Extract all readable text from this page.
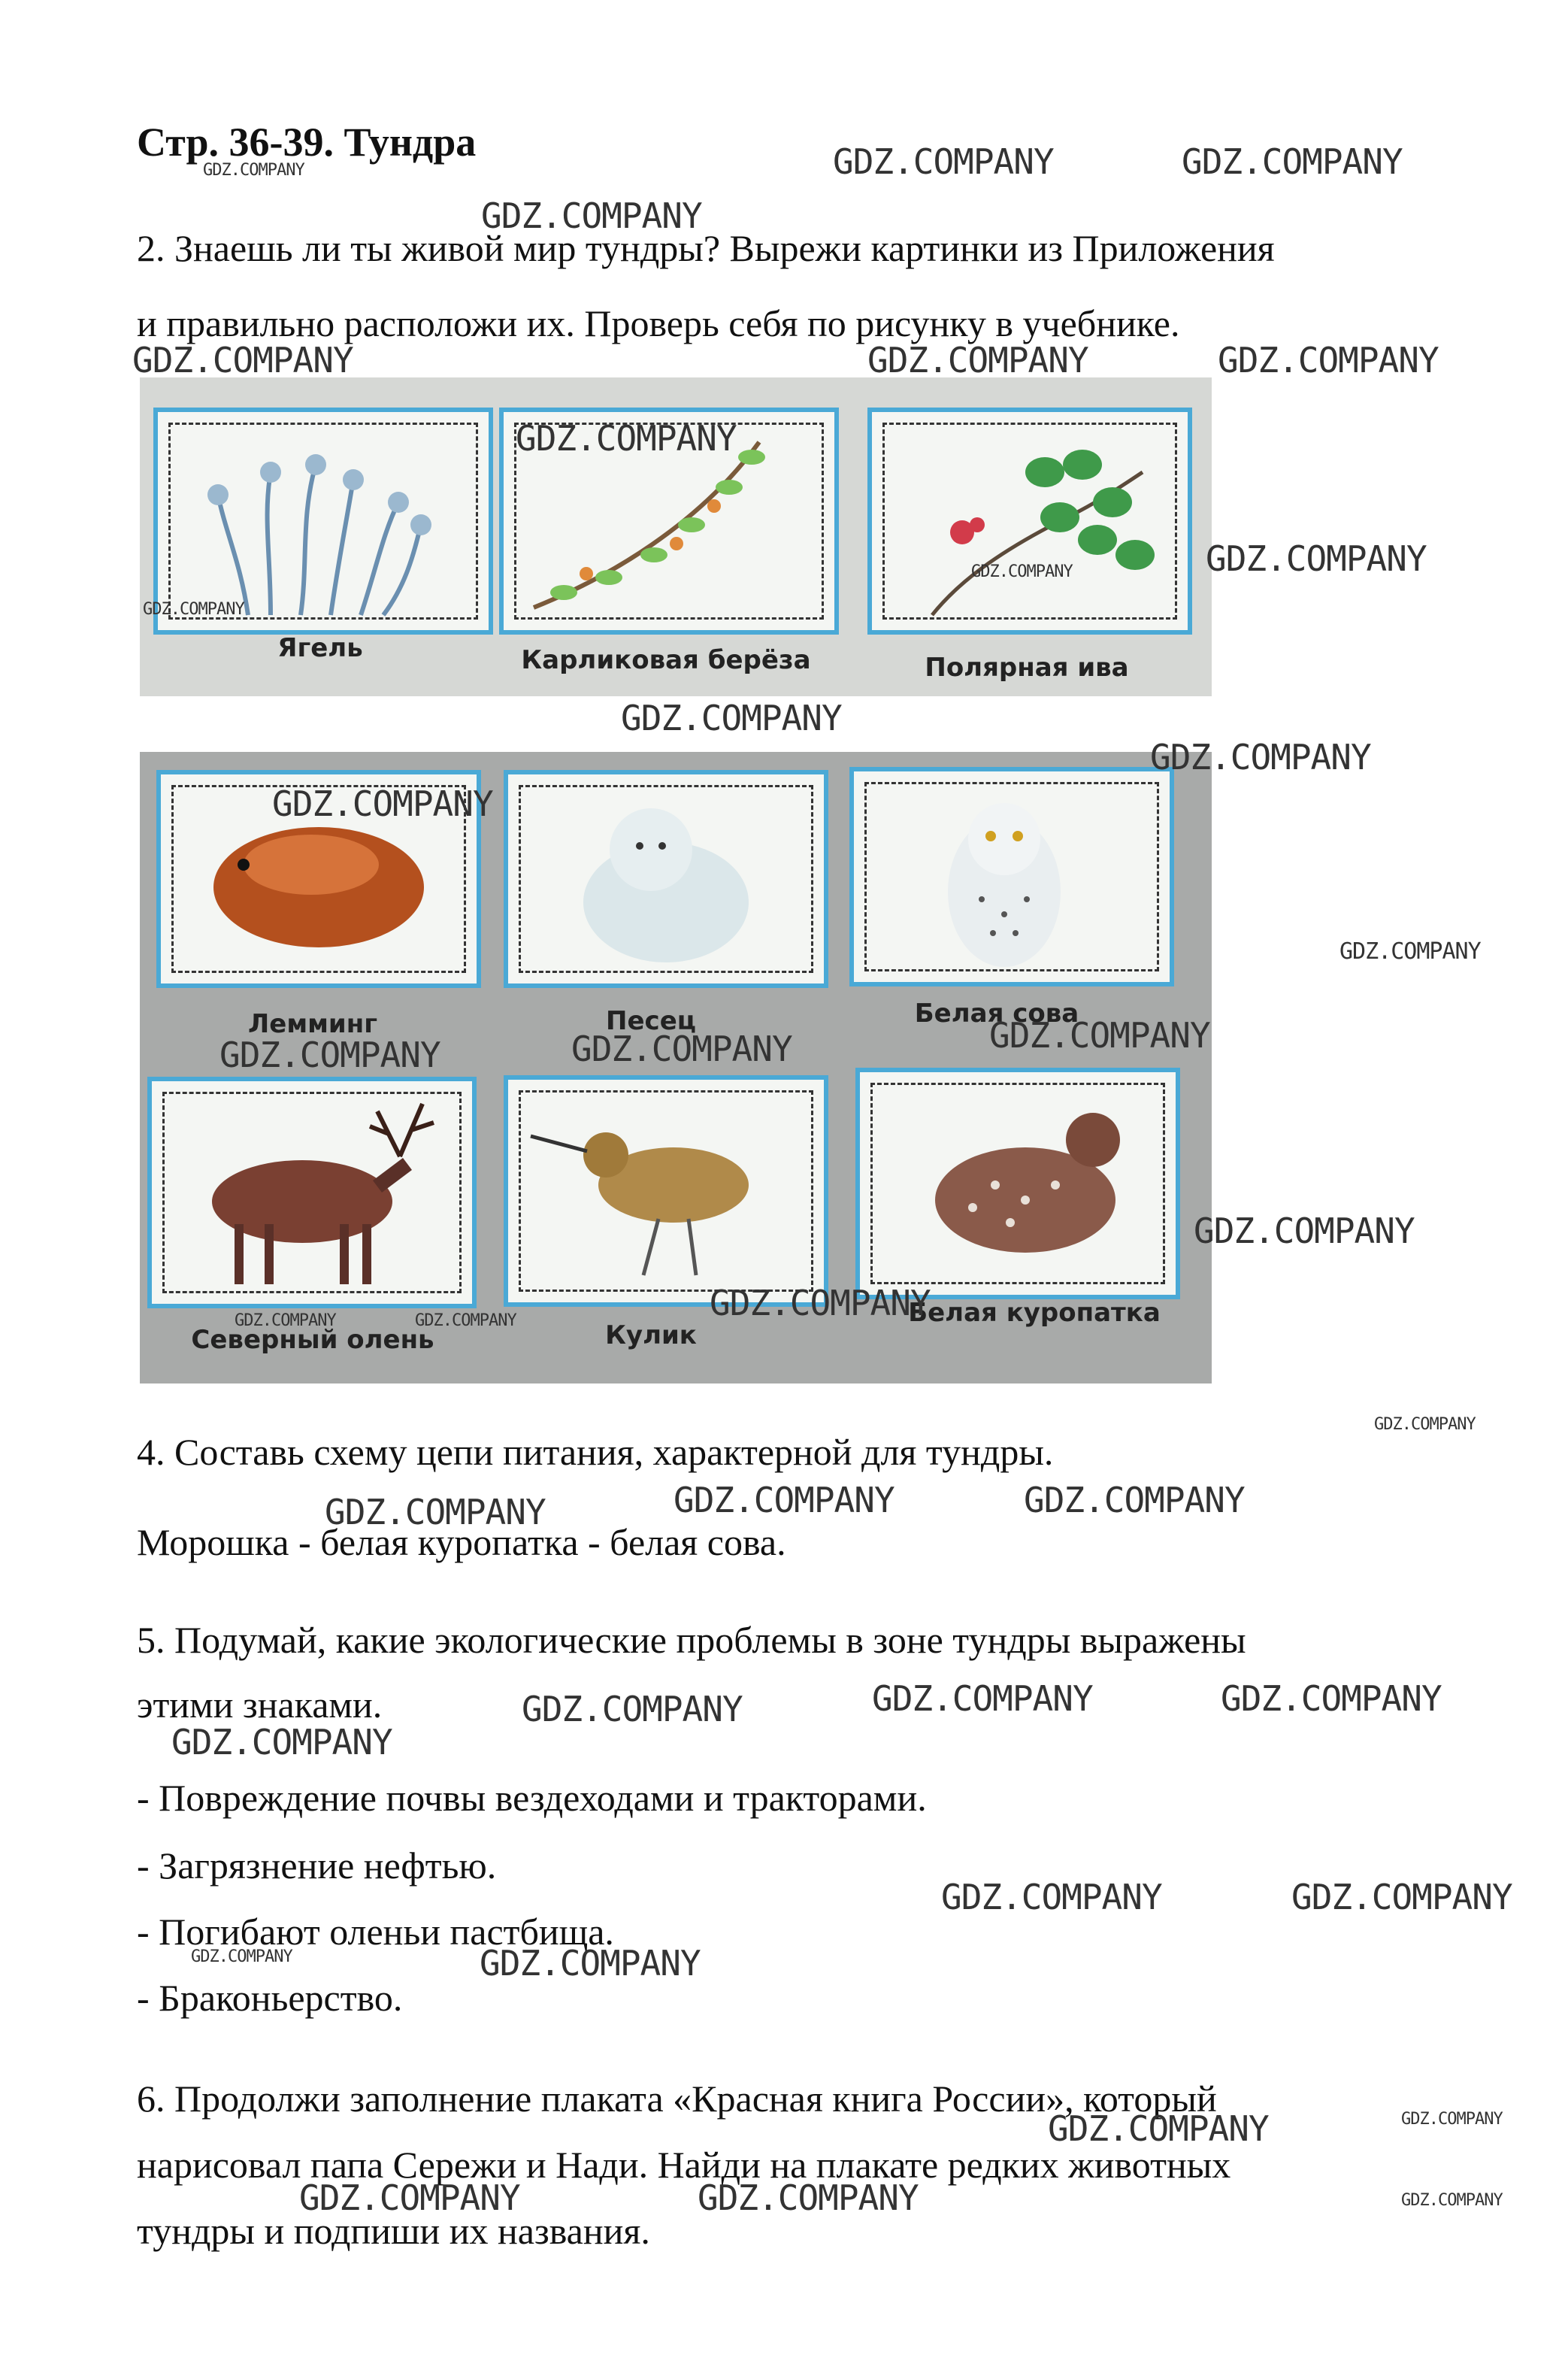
Стр. 36-39. Тундра
2. Знаешь ли ты живой мир тундры? Вырежи картинки из Приложения
и правильно расположи их. Проверь себя по рисунку в учебнике.
Ягель	Карликовая берёза	Полярная ива
Лемминг	Песец	Белая сова
Северный олень	Кулик
Белая куропатка
4. Составь схему цепи питания, характерной для тундры.
Морошка - белая куропатка - белая сова.
5. Подумай, какие экологические проблемы в зоне тундры выражены
этими знаками.
- Повреждение почвы вездеходами и тракторами.
- Загрязнение нефтью.
- Погибают оленьи пастбища.
- Браконьерство.
6. Продолжи заполнение плаката «Красная книга России», который
нарисовал папа Сережи и Нади. Найди на плакате редких животных
тундры и подпиши их названия.
GDZ.COMPANY	GDZ.COMPANY	GDZ.COMPANY
GDZ.COMPANY
GDZ.COMPANY	GDZ.COMPANY	GDZ.COMPANY
GDZ.COMPANY
GDZ.COMPANY
GDZ.COMPANY
GDZ.COMPANY
GDZ.COMPANY
GDZ.COMPANY
GDZ.COMPANY
GDZ.COMPANY
GDZ.COMPANY	GDZ.COMPANY	GDZ.COMPANY
GDZ.COMPANY
GDZ.COMPANY	GDZ.COMPANY	GDZ.COMPANY
GDZ.COMPANY
GDZ.COMPANY	GDZ.COMPANY	GDZ.COMPANY
GDZ.COMPANY	GDZ.COMPANY	GDZ.COMPANY
GDZ.COMPANY
GDZ.COMPANY	GDZ.COMPANY
GDZ.COMPANY	GDZ.COMPANY
GDZ.COMPANY	GDZ.COMPANY
GDZ.COMPANY	GDZ.COMPANY	GDZ.COMPANY
